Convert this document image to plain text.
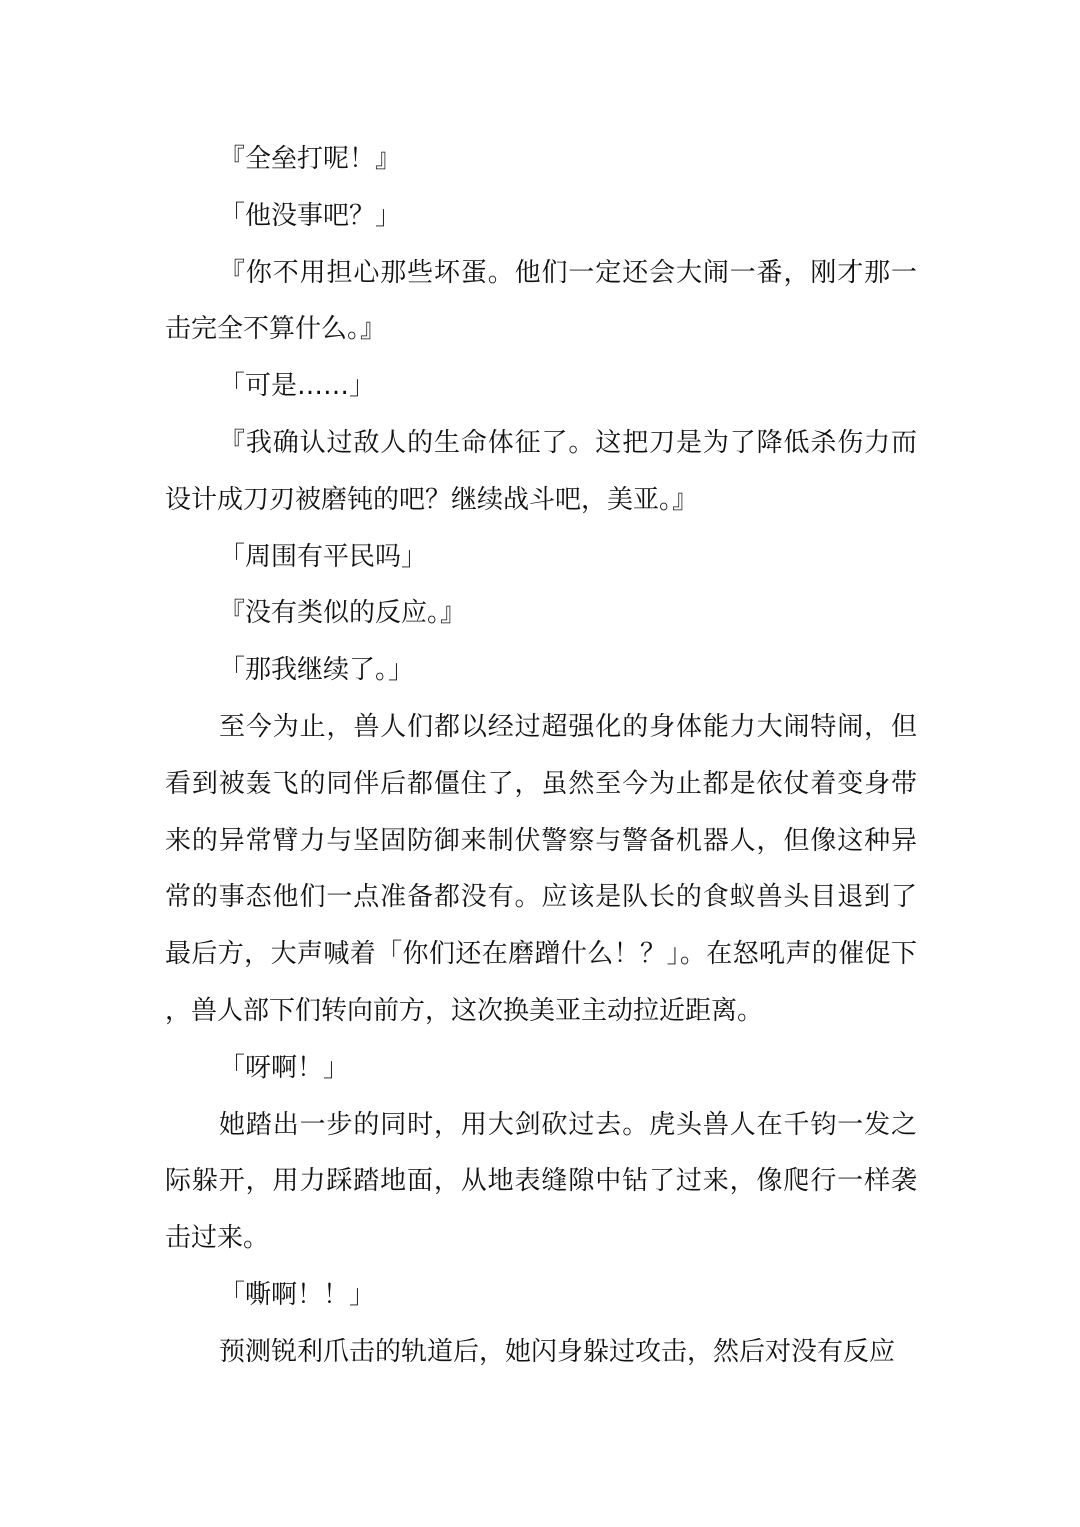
『全垒打呢！』

「他没事吧？」

『你不用担心那些坏蛋。他们一定还会大闹一番，刚才那一击完全不算什么。』

「可是……」

『我确认过敌人的生命体征了。这把刀是为了降低杀伤力而设计成刀刃被磨钝的吧？继续战斗吧，美亚。』

「周围有平民吗」

『没有类似的反应。』

「那我继续了。」

至今为止，兽人们都以经过超强化的身体能力大闹特闹，但看到被轰飞的同伴后都僵住了，虽然至今为止都是依仗着变身带来的异常臂力与坚固防御来制伏警察与警备机器人，但像这种异常的事态他们一点准备都没有。应该是队长的食蚁兽头目退到了最后方，大声喊着「你们还在磨蹭什么！？」。在怒吼声的催促下，兽人部下们转向前方，这次换美亚主动拉近距离。

「呀啊！」

她踏出一步的同时，用大剑砍过去。虎头兽人在千钧一发之际躲开，用力踩踏地面，从地表缝隙中钻了过来，像爬行一样袭击过来。

「嘶啊！！」

预测锐利爪击的轨道后，她闪身躲过攻击，然后对没有反应
